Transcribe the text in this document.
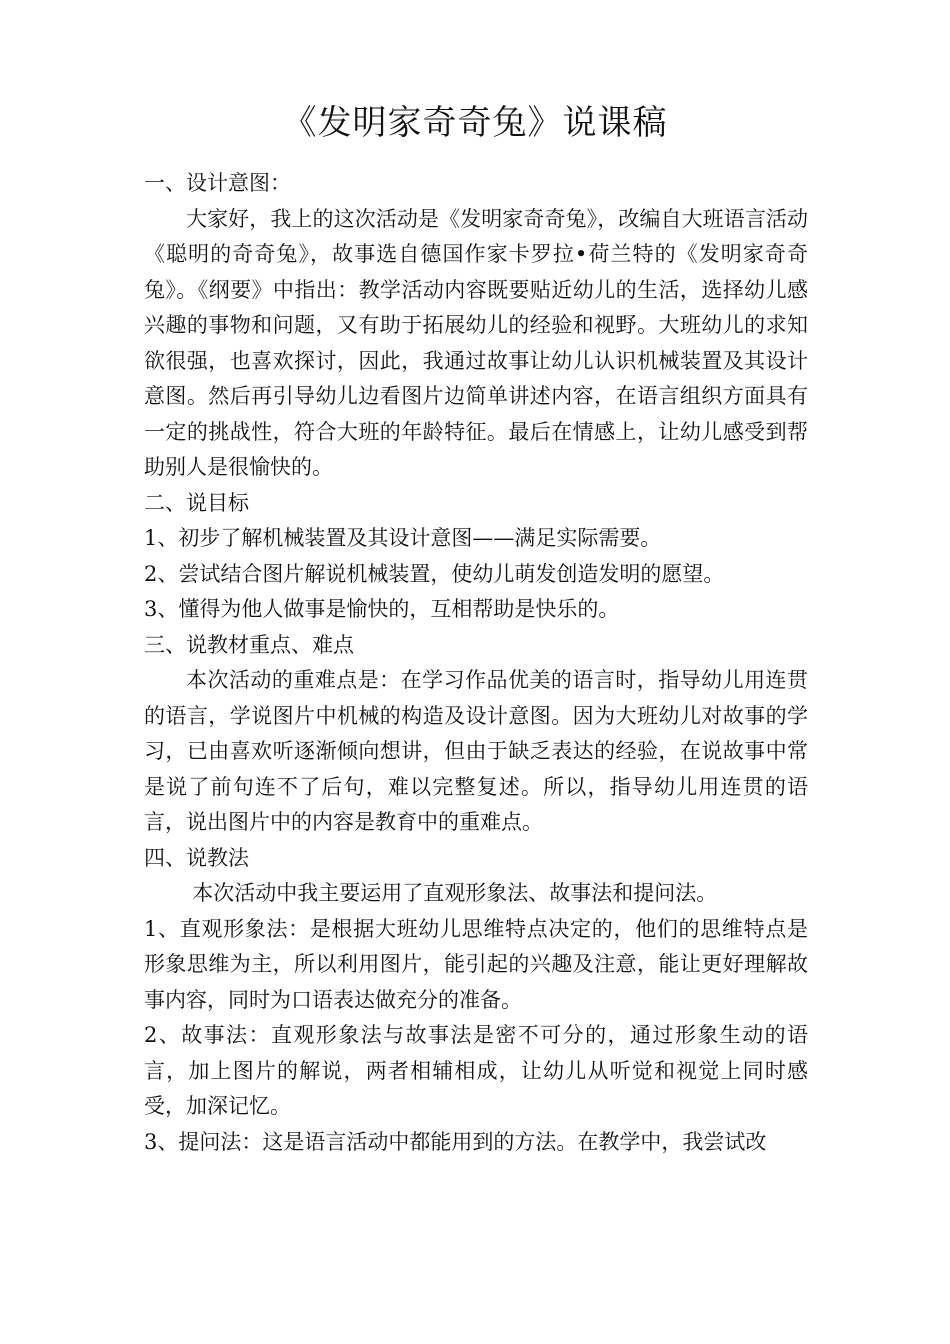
《发明家奇奇兔》说课稿

一、设计意图：

大家好，我上的这次活动是《发明家奇奇兔》，改编自大班语言活动《聪明的奇奇兔》，故事选自德国作家卡罗拉•荷兰特的《发明家奇奇兔》。《纲要》中指出：教学活动内容既要贴近幼儿的生活，选择幼儿感兴趣的事物和问题，又有助于拓展幼儿的经验和视野。大班幼儿的求知欲很强，也喜欢探讨，因此，我通过故事让幼儿认识机械装置及其设计意图。然后再引导幼儿边看图片边简单讲述内容，在语言组织方面具有一定的挑战性，符合大班的年龄特征。最后在情感上，让幼儿感受到帮助别人是很愉快的。

二、说目标

1、初步了解机械装置及其设计意图——满足实际需要。

2、尝试结合图片解说机械装置，使幼儿萌发创造发明的愿望。

3、懂得为他人做事是愉快的，互相帮助是快乐的。

三、说教材重点、难点

本次活动的重难点是：在学习作品优美的语言时，指导幼儿用连贯的语言，学说图片中机械的构造及设计意图。因为大班幼儿对故事的学习，已由喜欢听逐渐倾向想讲，但由于缺乏表达的经验，在说故事中常是说了前句连不了后句，难以完整复述。所以，指导幼儿用连贯的语言，说出图片中的内容是教育中的重难点。

四、说教法

本次活动中我主要运用了直观形象法、故事法和提问法。

1、直观形象法：是根据大班幼儿思维特点决定的，他们的思维特点是形象思维为主，所以利用图片，能引起的兴趣及注意，能让更好理解故事内容，同时为口语表达做充分的准备。

2、故事法：直观形象法与故事法是密不可分的，通过形象生动的语言，加上图片的解说，两者相辅相成，让幼儿从听觉和视觉上同时感受，加深记忆。

3、提问法：这是语言活动中都能用到的方法。在教学中，我尝试改
